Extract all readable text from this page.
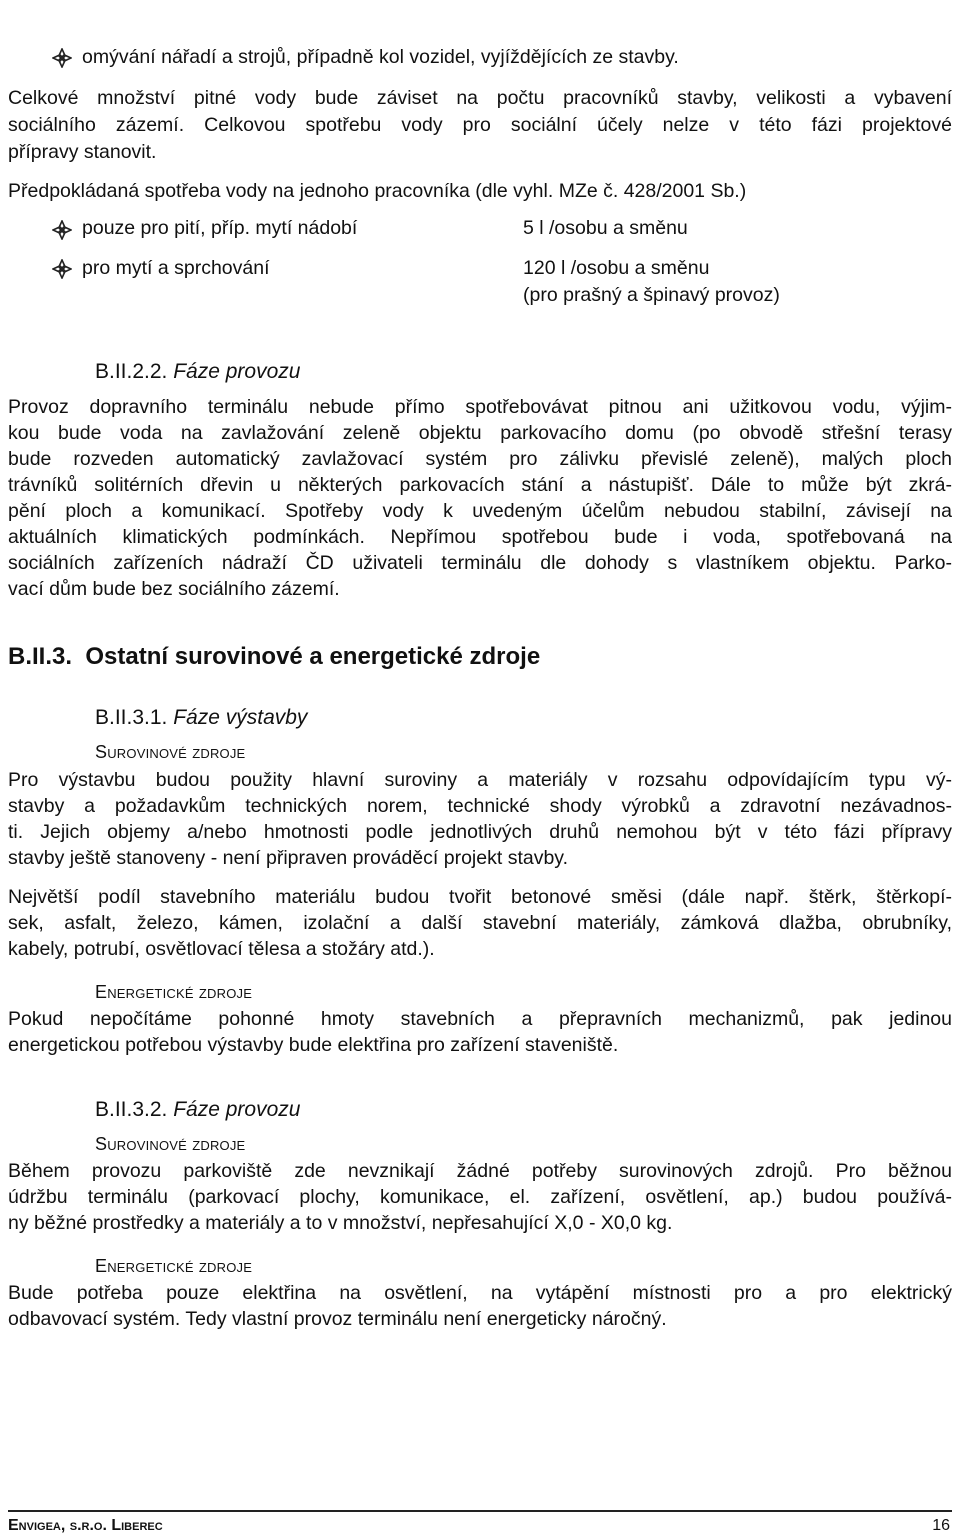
omývání nářadí a strojů, případně kol vozidel, vyjíždějících ze stavby.
Celkové množství pitné vody bude záviset na počtu pracovníků stavby, velikosti a vybavení
sociálního zázemí. Celkovou spotřebu vody pro sociální účely nelze v této fázi projektové
přípravy stanovit.
Předpokládaná spotřeba vody na jednoho pracovníka (dle vyhl. MZe č. 428/2001 Sb.)
pouze pro pití, příp. mytí nádobí	5 l /osobu a směnu
pro mytí a sprchování	120 l /osobu a směnu
(pro prašný a špinavý provoz)
B.II.2.2. Fáze provozu
Provoz dopravního terminálu nebude přímo spotřebovávat pitnou ani užitkovou vodu, výjim-
kou bude voda na zavlažování zeleně objektu parkovacího domu (po obvodě střešní terasy
bude rozveden automatický zavlažovací systém pro zálivku převislé zeleně), malých ploch
trávníků solitérních dřevin u některých parkovacích stání a nástupišť. Dále to může být zkrá-
pění ploch a komunikací. Spotřeby vody k uvedeným účelům nebudou stabilní, závisejí na
aktuálních klimatických podmínkách. Nepřímou spotřebou bude i voda, spotřebovaná na
sociálních zařízeních nádraží ČD uživateli terminálu dle dohody s vlastníkem objektu. Parko-
vací dům bude bez sociálního zázemí.
B.II.3. Ostatní surovinové a energetické zdroje
B.II.3.1. Fáze výstavby
Surovinové zdroje
Pro výstavbu budou použity hlavní suroviny a materiály v rozsahu odpovídajícím typu vý-
stavby a požadavkům technických norem, technické shody výrobků a zdravotní nezávadnos-
ti. Jejich objemy a/nebo hmotnosti podle jednotlivých druhů nemohou být v této fázi přípravy
stavby ještě stanoveny - není připraven prováděcí projekt stavby.
Největší podíl stavebního materiálu budou tvořit betonové směsi (dále např. štěrk, štěrkopí-
sek, asfalt, železo, kámen, izolační a další stavební materiály, zámková dlažba, obrubníky,
kabely, potrubí, osvětlovací tělesa a stožáry atd.).
Energetické zdroje
Pokud nepočítáme pohonné hmoty stavebních a přepravních mechanizmů, pak jedinou
energetickou potřebou výstavby bude elektřina pro zařízení staveniště.
B.II.3.2. Fáze provozu
Surovinové zdroje
Během provozu parkoviště zde nevznikají žádné potřeby surovinových zdrojů. Pro běžnou
údržbu terminálu (parkovací plochy, komunikace, el. zařízení, osvětlení, ap.) budou používá-
ny běžné prostředky a materiály a to v množství, nepřesahující X,0 - X0,0 kg.
Energetické zdroje
Bude potřeba pouze elektřina na osvětlení, na vytápění místnosti pro a pro elektrický
odbavovací systém. Tedy vlastní provoz terminálu není energeticky náročný.
Envigea, s.r.o. Liberec	16
